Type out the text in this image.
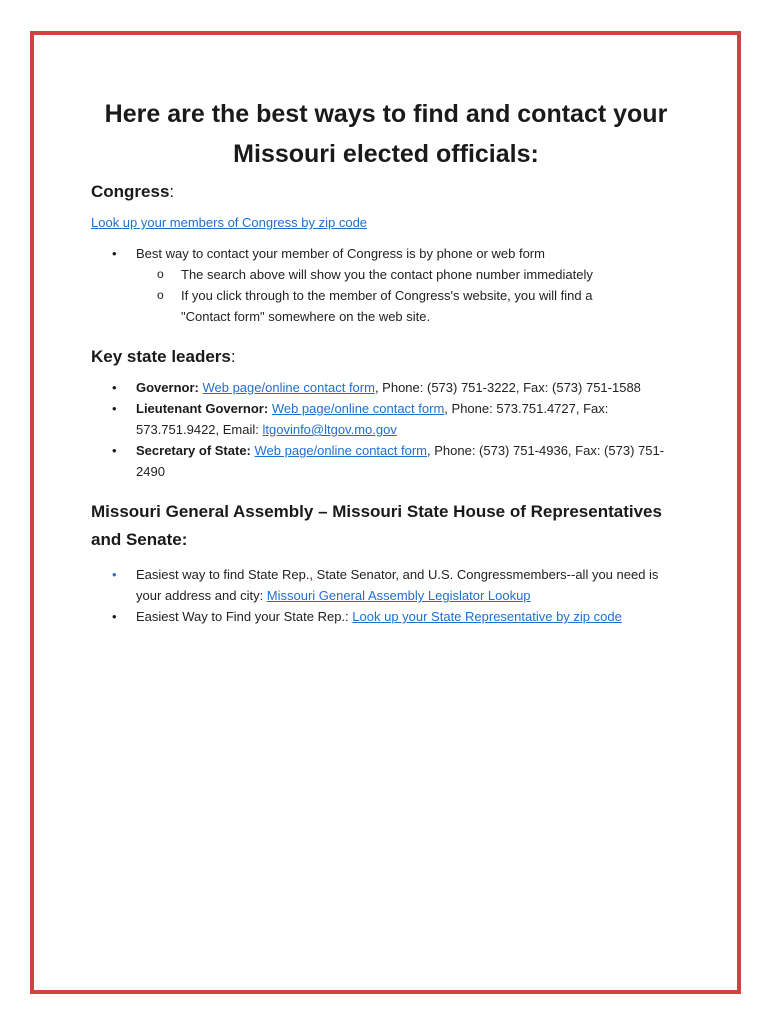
Here are the best ways to find and contact your Missouri elected officials:

Congress:

Look up your members of Congress by zip code
• Best way to contact your member of Congress is by phone or web form
o The search above will show you the contact phone number immediately
o If you click through to the member of Congress's website, you will find a "Contact form" somewhere on the web site.

Key state leaders:

• Governor: Web page/online contact form, Phone: (573) 751-3222, Fax: (573) 751-1588
• Lieutenant Governor: Web page/online contact form, Phone: 573.751.4727, Fax: 573.751.9422, Email: ltgovinfo@ltgov.mo.gov
• Secretary of State: Web page/online contact form, Phone: (573) 751-4936, Fax: (573) 751-2490

Missouri General Assembly – Missouri State House of Representatives and Senate:

• Easiest way to find State Rep., State Senator, and U.S. Congressmembers--all you need is your address and city: Missouri General Assembly Legislator Lookup
• Easiest Way to Find your State Rep.: Look up your State Representative by zip code
